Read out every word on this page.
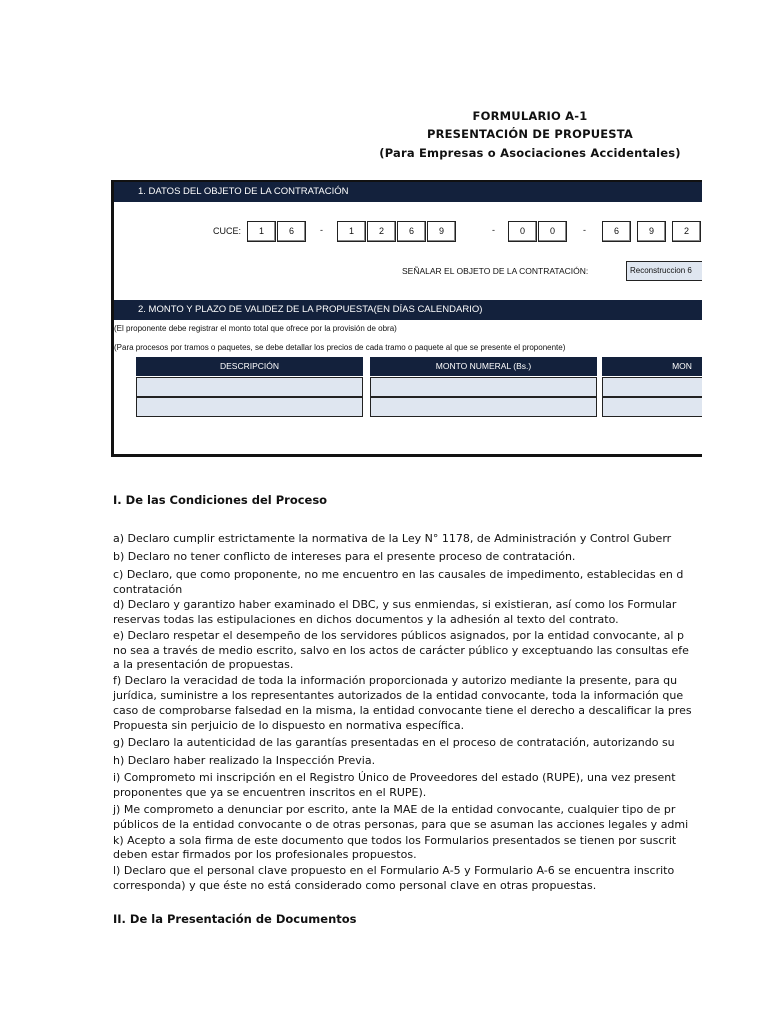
FORMULARIO A-1
PRESENTACIÓN DE PROPUESTA
(Para Empresas o Asociaciones Accidentales)
1. DATOS DEL OBJETO DE LA CONTRATACIÓN
CUCE:	1	6	-	1	2	6	9	-	0	0	-	6	9	2
SEÑALAR EL OBJETO DE LA CONTRATACIÓN:	Reconstruccion 6
2. MONTO Y PLAZO DE VALIDEZ DE LA PROPUESTA(EN DÍAS CALENDARIO)
(El proponente debe registrar el monto total que ofrece por la provisión de obra)
(Para procesos por tramos o paquetes, se debe detallar los precios de cada tramo o paquete al que se presente el proponente)
DESCRIPCIÓN	MONTO NUMERAL (Bs.)	MON
I. De las Condiciones del Proceso
a) Declaro cumplir estrictamente la normativa de la Ley N° 1178, de Administración y Control Guberr
b) Declaro no tener conflicto de intereses para el presente proceso de contratación.
c) Declaro, que como proponente, no me encuentro en las causales de impedimento, establecidas en d
contratación
d) Declaro y garantizo haber examinado el DBC, y sus enmiendas, si existieran, así como los Formular
reservas todas las estipulaciones en dichos documentos y la adhesión al texto del contrato.
e) Declaro respetar el desempeño de los servidores públicos asignados, por la entidad convocante, al p
no sea a través de medio escrito, salvo en los actos de carácter público y exceptuando las consultas efe
a la presentación de propuestas.
f) Declaro la veracidad de toda la información proporcionada y autorizo mediante la presente, para qu
jurídica, suministre a los representantes autorizados de la entidad convocante, toda la información que
caso de comprobarse falsedad en la misma, la entidad convocante tiene el derecho a descalificar la pres
Propuesta sin perjuicio de lo dispuesto en normativa específica.
g) Declaro la autenticidad de las garantías presentadas en el proceso de contratación, autorizando su
h) Declaro haber realizado la Inspección Previa.
i) Comprometo mi inscripción en el Registro Único de Proveedores del estado (RUPE), una vez present
proponentes que ya se encuentren inscritos en el RUPE).
j) Me comprometo a denunciar por escrito, ante la MAE de la entidad convocante, cualquier tipo de pr
públicos de la entidad convocante o de otras personas, para que se asuman las acciones legales y admi
k) Acepto a sola firma de este documento que todos los Formularios presentados se tienen por suscrit
deben estar firmados por los profesionales propuestos.
l) Declaro que el personal clave propuesto en el Formulario A-5 y Formulario A-6 se encuentra inscrito
corresponda) y que éste no está considerado como personal clave en otras propuestas.
II. De la Presentación de Documentos
